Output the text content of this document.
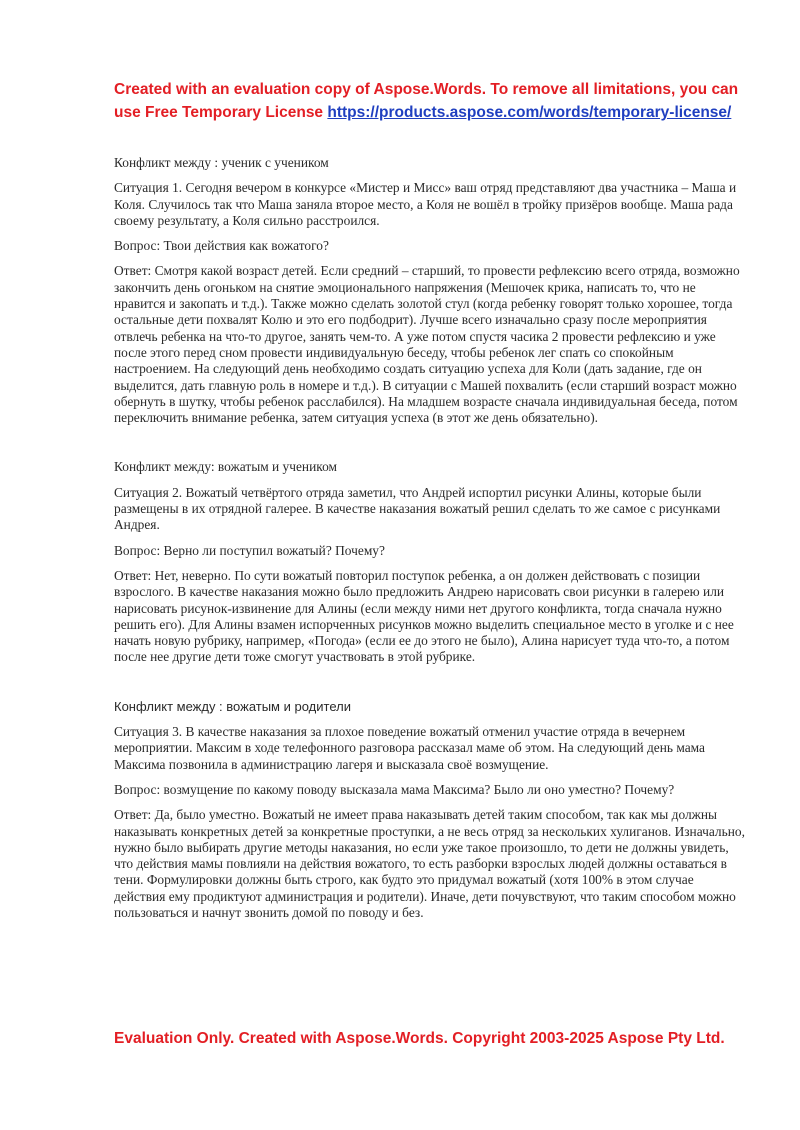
Created with an evaluation copy of Aspose.Words. To remove all limitations, you can use Free Temporary License https://products.aspose.com/words/temporary-license/

Конфликт между : ученик с учеником

Ситуация 1. Сегодня вечером в конкурсе «Мистер и Мисс» ваш отряд представляют два участника – Маша и Коля. Случилось так что Маша заняла второе место, а Коля не вошёл в тройку призёров вообще. Маша рада своему результату, а Коля сильно расстроился.

Вопрос: Твои действия как вожатого?

Ответ: Смотря какой возраст детей. Если средний – старший, то провести рефлексию всего отряда, возможно закончить день огоньком на снятие эмоционального напряжения (Мешочек крика, написать то, что не нравится и закопать и т.д.). Также можно сделать золотой стул (когда ребенку говорят только хорошее, тогда остальные дети похвалят Колю и это его подбодрит). Лучше всего изначально сразу после мероприятия отвлечь ребенка на что-то другое, занять чем-то. А уже потом спустя часика 2 провести рефлексию и уже после этого перед сном провести индивидуальную беседу, чтобы ребенок лег спать со спокойным настроением. На следующий день необходимо создать ситуацию успеха для Коли (дать задание, где он выделится, дать главную роль в номере и т.д.). В ситуации с Машей похвалить (если старший возраст можно обернуть в шутку, чтобы ребенок расслабился). На младшем возрасте сначала индивидуальная беседа, потом переключить внимание ребенка, затем ситуация успеха (в этот же день обязательно).

Конфликт между: вожатым и учеником

Ситуация 2. Вожатый четвёртого отряда заметил, что Андрей испортил рисунки Алины, которые были размещены в их отрядной галерее. В качестве наказания вожатый решил сделать то же самое с рисунками Андрея.

Вопрос: Верно ли поступил вожатый? Почему?

Ответ: Нет, неверно. По сути вожатый повторил поступок ребенка, а он должен действовать с позиции взрослого. В качестве наказания можно было предложить Андрею нарисовать свои рисунки в галерею или нарисовать рисунок-извинение для Алины (если между ними нет другого конфликта, тогда сначала нужно решить его). Для Алины взамен испорченных рисунков можно выделить специальное место в уголке и с нее начать новую рубрику, например, «Погода» (если ее до этого не было), Алина нарисует туда что-то, а потом после нее другие дети тоже смогут участвовать в этой рубрике.

Конфликт между : вожатым и родители

Ситуация 3. В качестве наказания за плохое поведение вожатый отменил участие отряда в вечернем мероприятии. Максим в ходе телефонного разговора рассказал маме об этом. На следующий день мама Максима позвонила в администрацию лагеря и высказала своё возмущение.

Вопрос: возмущение по какому поводу высказала мама Максима? Было ли оно уместно? Почему?

Ответ: Да, было уместно. Вожатый не имеет права наказывать детей таким способом, так как мы должны наказывать конкретных детей за конкретные проступки, а не весь отряд за нескольких хулиганов. Изначально, нужно было выбирать другие методы наказания, но если уже такое произошло, то дети не должны увидеть, что действия мамы повлияли на действия вожатого, то есть разборки взрослых людей должны оставаться в тени. Формулировки должны быть строго, как будто это придумал вожатый (хотя 100% в этом случае действия ему продиктуют администрация и родители). Иначе, дети почувствуют, что таким способом можно пользоваться и начнут звонить домой по поводу и без.

Evaluation Only. Created with Aspose.Words. Copyright 2003-2025 Aspose Pty Ltd.
